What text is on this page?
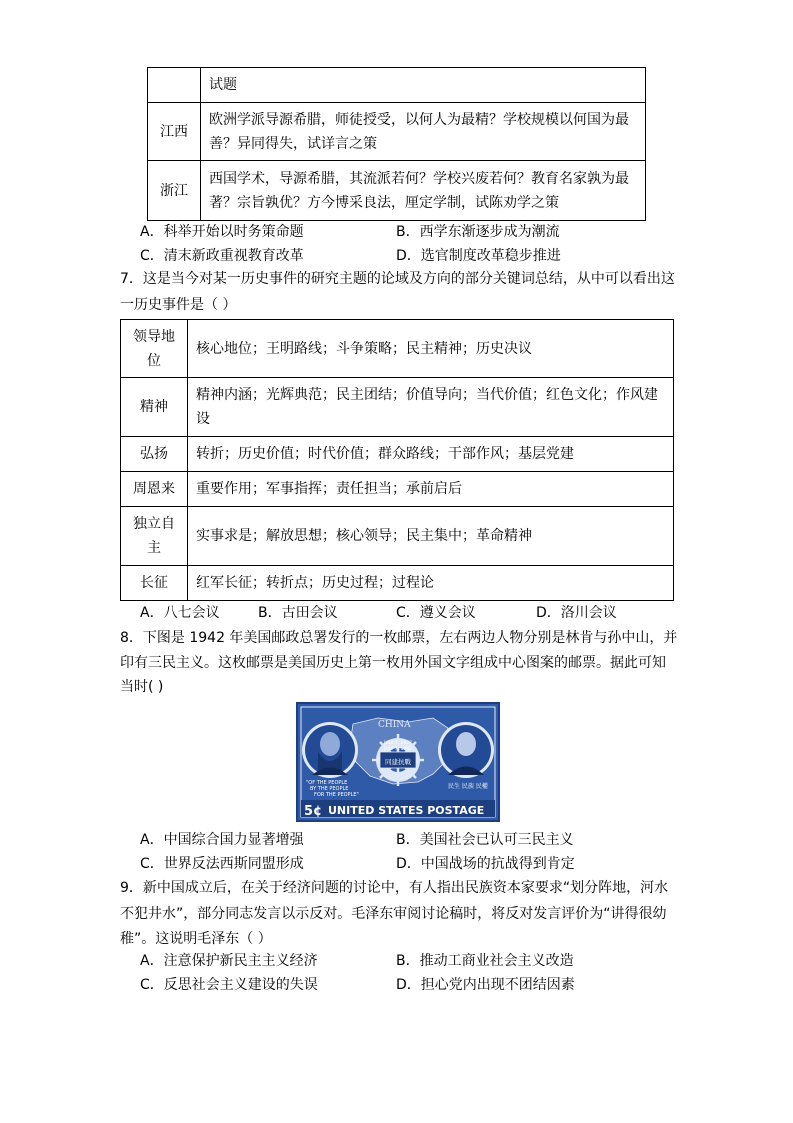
	试题
江西	欧洲学派导源希腊，师徒授受，以何人为最精？学校规模以何国为最
善？异同得失，试详言之策

浙江	西国学术，导源希腊，其流派若何？学校兴废若何？教育名家孰为最
著？宗旨孰优？方今博采良法，厘定学制，试陈劝学之策
A．科举开始以时务策命题	B．西学东渐逐步成为潮流
C．清末新政重视教育改革	D．选官制度改革稳步推进
7．这是当今对某一历史事件的研究主题的论域及方向的部分关键词总结，从中可以看出这
一历史事件是（ ）
领导地
位	核心地位；王明路线；斗争策略；民主精神；历史决议

精神	精神内涵；光辉典范；民主团结；价值导向；当代价值；红色文化；作风建
设

弘扬	转折；历史价值；时代价值；群众路线；干部作风；基层党建
周恩来	重要作用；军事指挥；责任担当；承前启后

独立自
主	实事求是；解放思想；核心领导；民主集中；革命精神
长征	红军长征；转折点；历史过程；过程论
A．八七会议	B．古田会议	C．遵义会议	D．洛川会议
8．下图是 1942 年美国邮政总署发行的一枚邮票，左右两边人物分别是林肯与孙中山，并
印有三民主义。这枚邮票是美国历史上第一枚用外国文字组成中心图案的邮票。据此可知
当时( )
同建抗戰
JULY 7, 1937
JULY 7, 1942
CHINA
"OF THE PEOPLE
BY THE PEOPLE
FOR THE PEOPLE"
民生 民族 民權
5¢ UNITED STATES POSTAGE
A．中国综合国力显著增强	B．美国社会已认可三民主义
C．世界反法西斯同盟形成	D．中国战场的抗战得到肯定
9．新中国成立后，在关于经济问题的讨论中，有人指出民族资本家要求“划分阵地，河水
不犯井水”，部分同志发言以示反对。毛泽东审阅讨论稿时，将反对发言评价为“讲得很幼
稚”。这说明毛泽东（ ）
A．注意保护新民主主义经济	B．推动工商业社会主义改造
C．反思社会主义建设的失误	D．担心党内出现不团结因素
